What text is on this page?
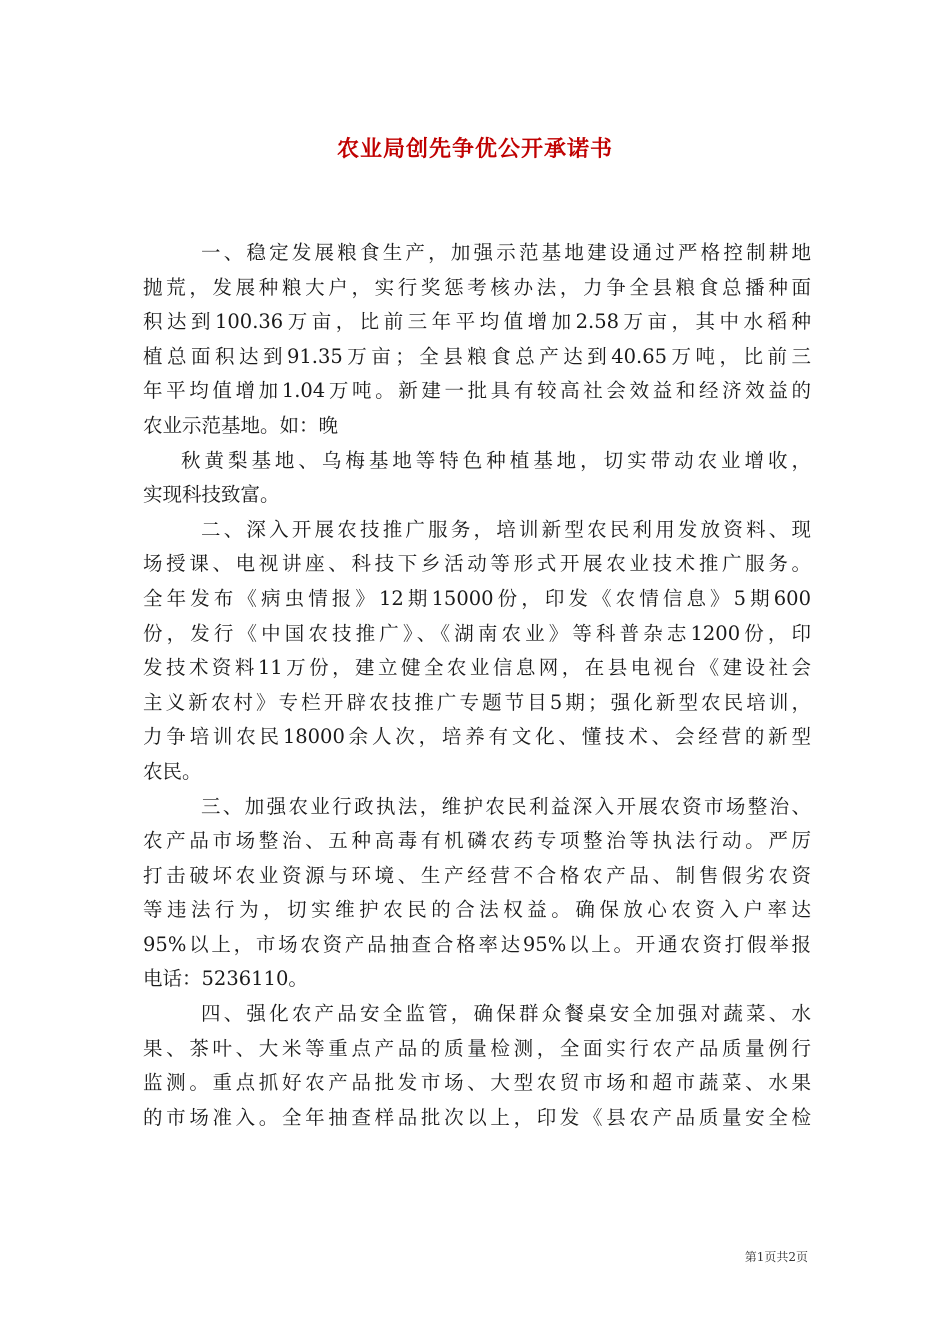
农业局创先争优公开承诺书
一、稳定发展粮食生产，加强示范基地建设通过严格控制耕地
抛荒，发展种粮大户，实行奖惩考核办法，力争全县粮食总播种面
积达到100.36万亩，比前三年平均值增加2.58万亩，其中水稻种
植总面积达到91.35万亩；全县粮食总产达到40.65万吨，比前三
年平均值增加1.04万吨。新建一批具有较高社会效益和经济效益的
农业示范基地。如：晚
秋黄梨基地、乌梅基地等特色种植基地，切实带动农业增收，
实现科技致富。
二、深入开展农技推广服务，培训新型农民利用发放资料、现
场授课、电视讲座、科技下乡活动等形式开展农业技术推广服务。
全年发布《病虫情报》12期15000份，印发《农情信息》5期600
份，发行《中国农技推广》、《湖南农业》等科普杂志1200份，印
发技术资料11万份，建立健全农业信息网，在县电视台《建设社会
主义新农村》专栏开辟农技推广专题节目5期；强化新型农民培训，
力争培训农民18000余人次，培养有文化、懂技术、会经营的新型
农民。
三、加强农业行政执法，维护农民利益深入开展农资市场整治、
农产品市场整治、五种高毒有机磷农药专项整治等执法行动。严厉
打击破坏农业资源与环境、生产经营不合格农产品、制售假劣农资
等违法行为，切实维护农民的合法权益。确保放心农资入户率达
95%以上，市场农资产品抽查合格率达95%以上。开通农资打假举报
电话：5236110。
四、强化农产品安全监管，确保群众餐桌安全加强对蔬菜、水
果、茶叶、大米等重点产品的质量检测，全面实行农产品质量例行
监测。重点抓好农产品批发市场、大型农贸市场和超市蔬菜、水果
的市场准入。全年抽查样品批次以上，印发《县农产品质量安全检
第1页共2页
